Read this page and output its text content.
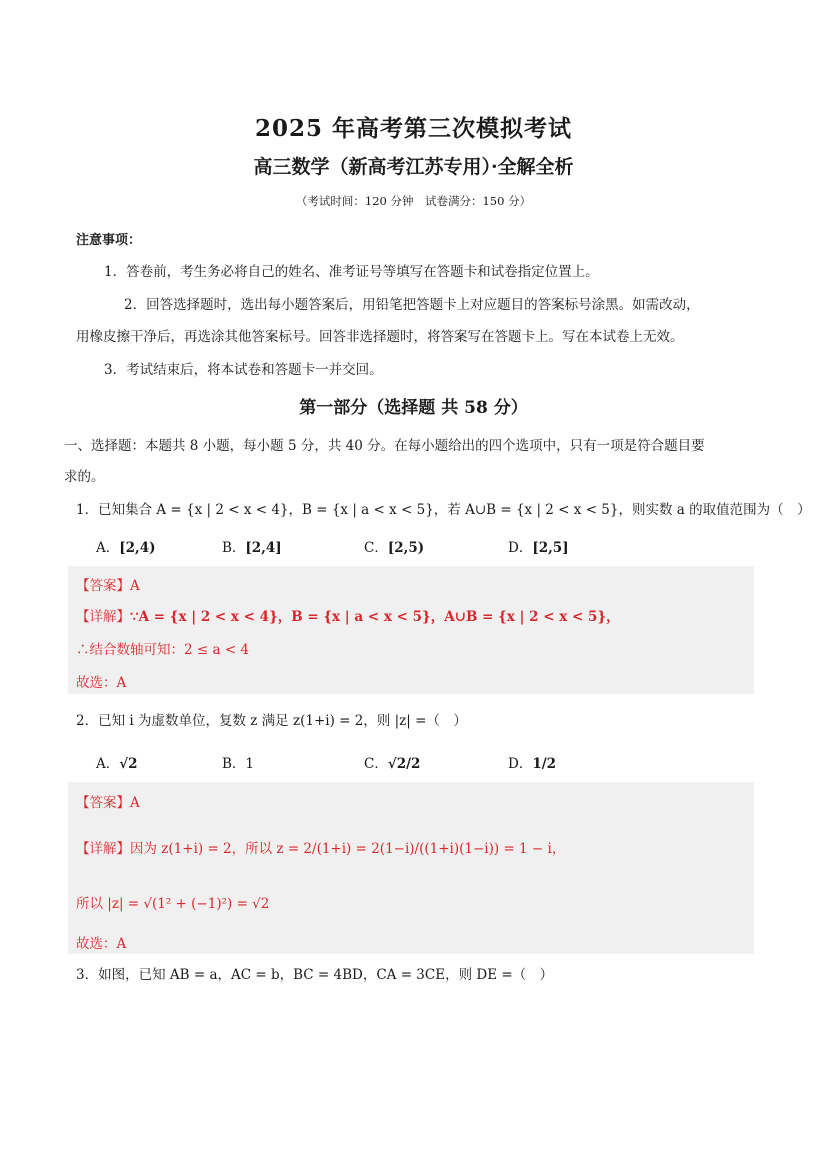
2025 年高考第三次模拟考试
高三数学（新高考江苏专用）·全解全析
（考试时间：120 分钟　试卷满分：150 分）
注意事项：
1．答卷前，考生务必将自己的姓名、准考证号等填写在答题卡和试卷指定位置上。
2．回答选择题时，选出每小题答案后，用铅笔把答题卡上对应题目的答案标号涂黑。如需改动，
用橡皮擦干净后，再选涂其他答案标号。回答非选择题时，将答案写在答题卡上。写在本试卷上无效。
3．考试结束后，将本试卷和答题卡一并交回。
第一部分（选择题 共 58 分）
一、选择题：本题共 8 小题，每小题 5 分，共 40 分。在每小题给出的四个选项中，只有一项是符合题目要
求的。
1．已知集合 A = {x | 2 < x < 4}，B = {x | a < x < 5}，若 A∪B = {x | 2 < x < 5}，则实数 a 的取值范围为（　）
A．[2,4)	B．[2,4]	C．[2,5)	D．[2,5]
【答案】A
【详解】∵A = {x | 2 < x < 4}，B = {x | a < x < 5}，A∪B = {x | 2 < x < 5}，
∴结合数轴可知：2 ≤ a < 4
故选：A
2．已知 i 为虚数单位，复数 z 满足 z(1+i) = 2，则 |z| =（　）
A．√2	B．1	C．√2/2	D．1/2
【答案】A
【详解】因为 z(1+i) = 2，所以 z = 2/(1+i) = 2(1−i)/((1+i)(1−i)) = 1 − i，
所以 |z| = √(1² + (−1)²) = √2
故选：A
3．如图，已知 AB = a，AC = b，BC = 4BD，CA = 3CE，则 DE =（　）
